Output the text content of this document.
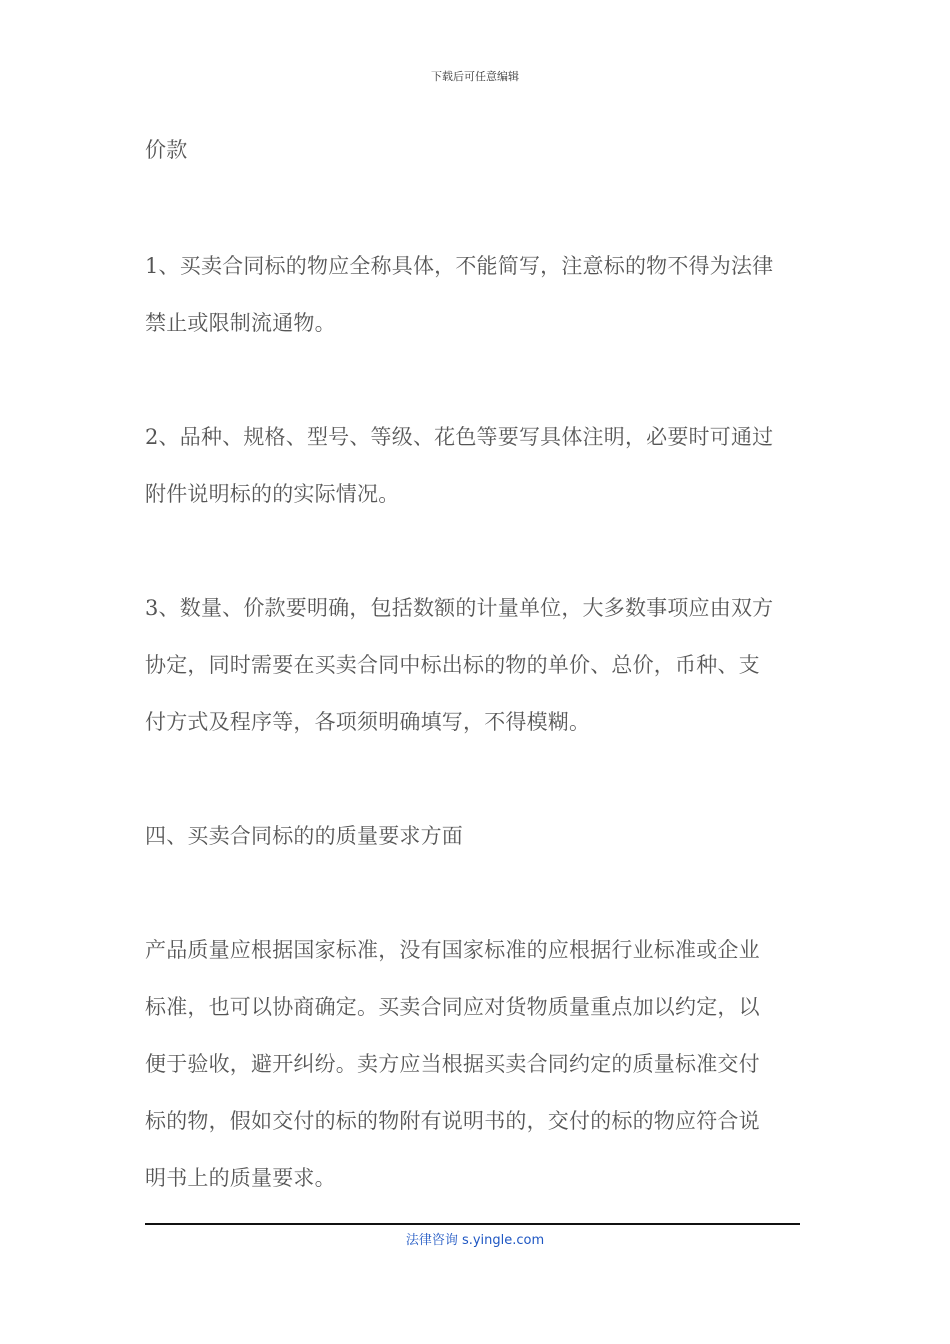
下载后可任意编辑
价款
1、买卖合同标的物应全称具体，不能简写，注意标的物不得为法律
禁止或限制流通物。
2、品种、规格、型号、等级、花色等要写具体注明，必要时可通过
附件说明标的的实际情况。
3、数量、价款要明确，包括数额的计量单位，大多数事项应由双方
协定，同时需要在买卖合同中标出标的物的单价、总价，币种、支
付方式及程序等，各项须明确填写，不得模糊。
四、买卖合同标的的质量要求方面
产品质量应根据国家标准，没有国家标准的应根据行业标准或企业
标准，也可以协商确定。买卖合同应对货物质量重点加以约定，以
便于验收，避开纠纷。卖方应当根据买卖合同约定的质量标准交付
标的物，假如交付的标的物附有说明书的，交付的标的物应符合说
明书上的质量要求。
法律咨询 s.yingle.com
